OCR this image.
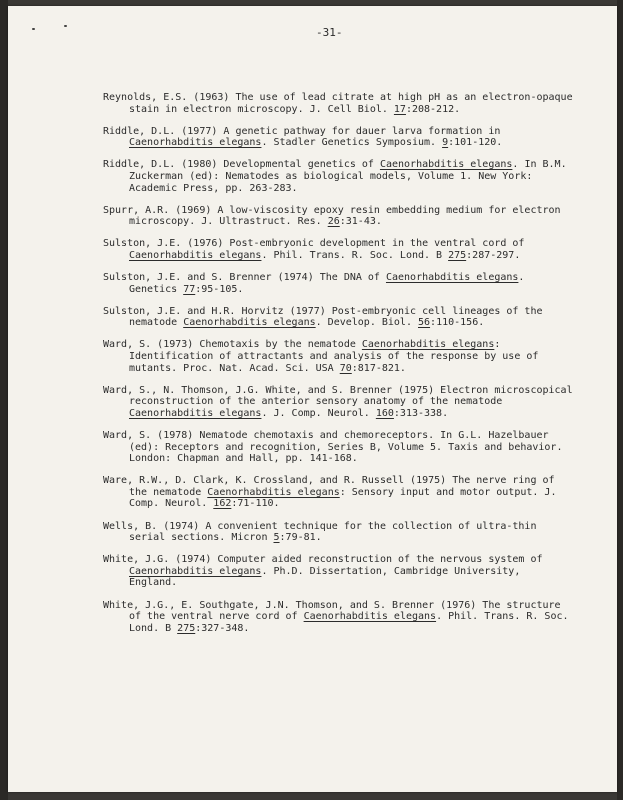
-31-

Reynolds, E.S. (1963) The use of lead citrate at high pH as an electron-opaque stain in electron microscopy. J. Cell Biol. 17:208-212.
Riddle, D.L. (1977) A genetic pathway for dauer larva formation in Caenorhabditis elegans. Stadler Genetics Symposium. 9:101-120.
Riddle, D.L. (1980) Developmental genetics of Caenorhabditis elegans. In B.M. Zuckerman (ed): Nematodes as biological models, Volume 1. New York: Academic Press, pp. 263-283.
Spurr, A.R. (1969) A low-viscosity epoxy resin embedding medium for electron microscopy. J. Ultrastruct. Res. 26:31-43.
Sulston, J.E. (1976) Post-embryonic development in the ventral cord of Caenorhabditis elegans. Phil. Trans. R. Soc. Lond. B 275:287-297.
Sulston, J.E. and S. Brenner (1974) The DNA of Caenorhabditis elegans. Genetics 77:95-105.
Sulston, J.E. and H.R. Horvitz (1977) Post-embryonic cell lineages of the nematode Caenorhabditis elegans. Develop. Biol. 56:110-156.
Ward, S. (1973) Chemotaxis by the nematode Caenorhabditis elegans: Identification of attractants and analysis of the response by use of mutants. Proc. Nat. Acad. Sci. USA 70:817-821.
Ward, S., N. Thomson, J.G. White, and S. Brenner (1975) Electron microscopical reconstruction of the anterior sensory anatomy of the nematode Caenorhabditis elegans. J. Comp. Neurol. 160:313-338.
Ward, S. (1978) Nematode chemotaxis and chemoreceptors. In G.L. Hazelbauer (ed): Receptors and recognition, Series B, Volume 5. Taxis and behavior. London: Chapman and Hall, pp. 141-168.
Ware, R.W., D. Clark, K. Crossland, and R. Russell (1975) The nerve ring of the nematode Caenorhabditis elegans: Sensory input and motor output. J. Comp. Neurol. 162:71-110.
Wells, B. (1974) A convenient technique for the collection of ultra-thin serial sections. Micron 5:79-81.
White, J.G. (1974) Computer aided reconstruction of the nervous system of Caenorhabditis elegans. Ph.D. Dissertation, Cambridge University, England.
White, J.G., E. Southgate, J.N. Thomson, and S. Brenner (1976) The structure of the ventral nerve cord of Caenorhabditis elegans. Phil. Trans. R. Soc. Lond. B 275:327-348.
